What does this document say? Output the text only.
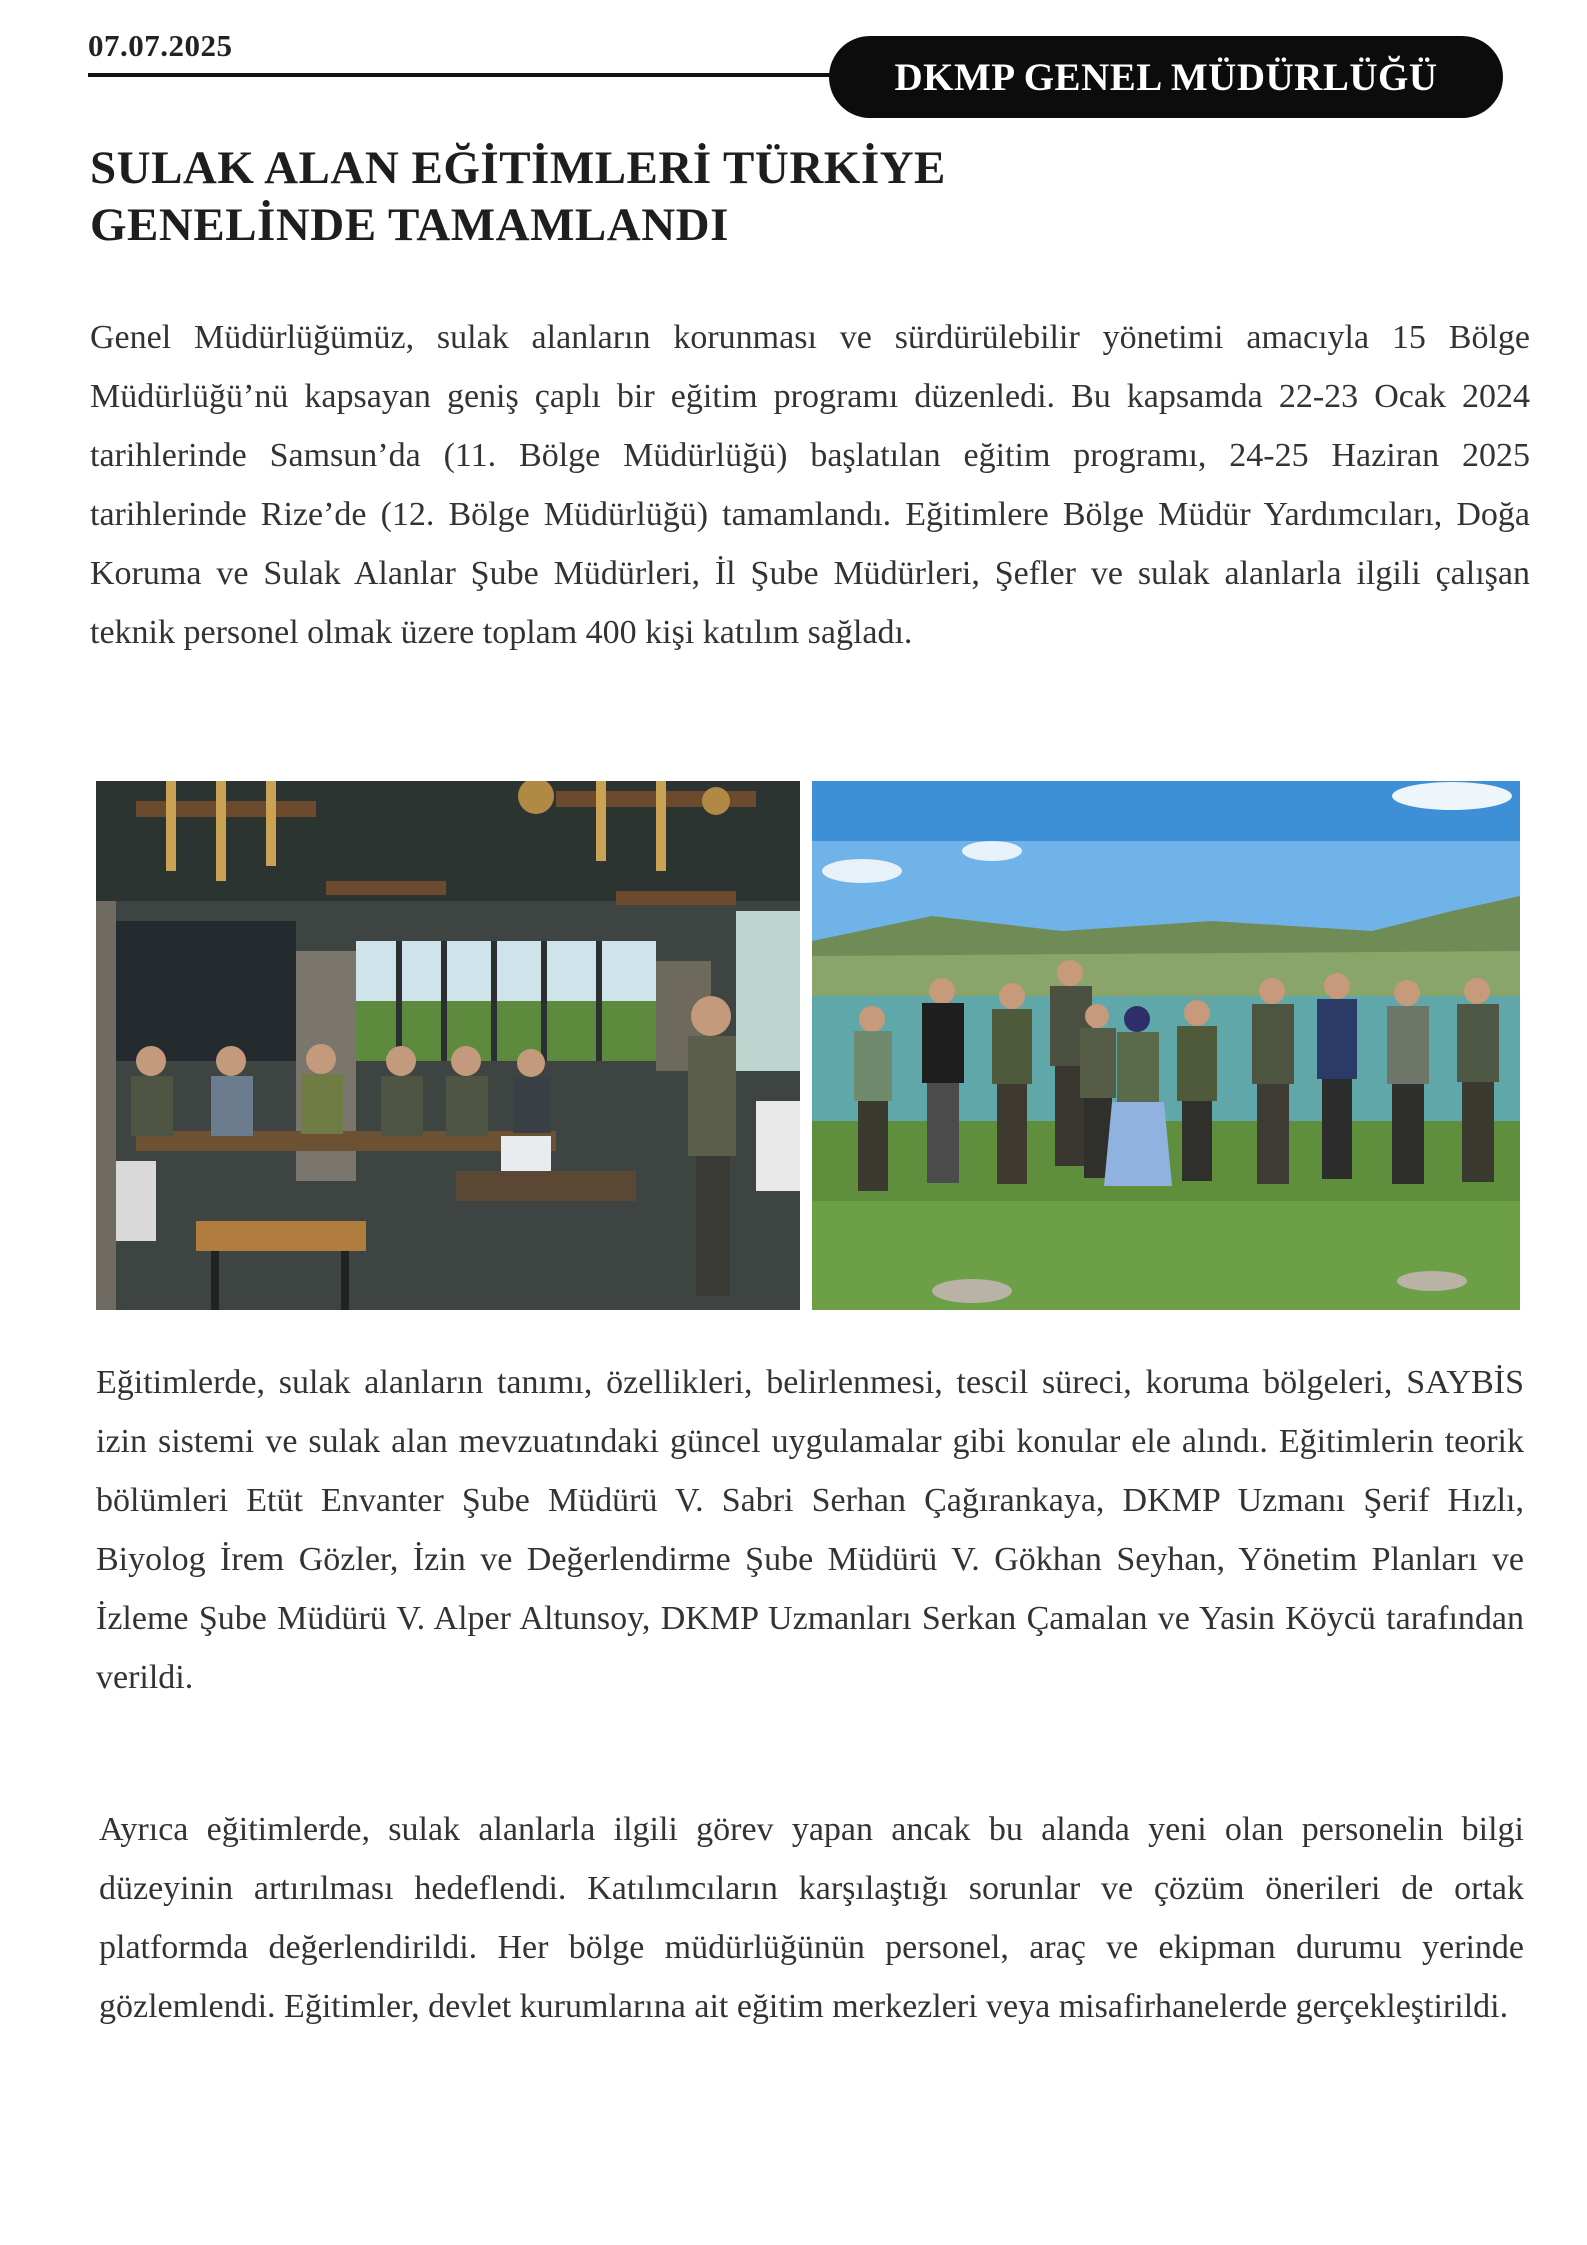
07.07.2025
DKMP GENEL MÜDÜRLÜĞÜ
SULAK ALAN EĞİTİMLERİ TÜRKİYE
GENELİNDE TAMAMLANDI

Genel Müdürlüğümüz, sulak alanların korunması ve sürdürülebilir yönetimi amacıyla 15 Bölge Müdürlüğü’nü kapsayan geniş çaplı bir eğitim programı düzenledi. Bu kapsamda 22-23 Ocak 2024 tarihlerinde Samsun’da (11. Bölge Müdürlüğü) başlatılan eğitim programı, 24-25 Haziran 2025 tarihlerinde Rize’de (12. Bölge Müdürlüğü) tamamlandı. Eğitimlere Bölge Müdür Yardımcıları, Doğa Koruma ve Sulak Alanlar Şube Müdürleri, İl Şube Müdürleri, Şefler ve sulak alanlarla ilgili çalışan teknik personel olmak üzere toplam 400 kişi katılım sağladı.

Eğitimlerde, sulak alanların tanımı, özellikleri, belirlenmesi, tescil süreci, koruma bölgeleri, SAYBİS izin sistemi ve sulak alan mevzuatındaki güncel uygulamalar gibi konular ele alındı. Eğitimlerin teorik bölümleri Etüt Envanter Şube Müdürü V. Sabri Serhan Çağırankaya, DKMP Uzmanı Şerif Hızlı, Biyolog İrem Gözler, İzin ve Değerlendirme Şube Müdürü V. Gökhan Seyhan, Yönetim Planları ve İzleme Şube Müdürü V. Alper Altunsoy, DKMP Uzmanları Serkan Çamalan ve Yasin Köycü tarafından verildi.

Ayrıca eğitimlerde, sulak alanlarla ilgili görev yapan ancak bu alanda yeni olan personelin bilgi düzeyinin artırılması hedeflendi. Katılımcıların karşılaştığı sorunlar ve çözüm önerileri de ortak platformda değerlendirildi. Her bölge müdürlüğünün personel, araç ve ekipman durumu yerinde gözlemlendi. Eğitimler, devlet kurumlarına ait eğitim merkezleri veya misafirhanelerde gerçekleştirildi.
